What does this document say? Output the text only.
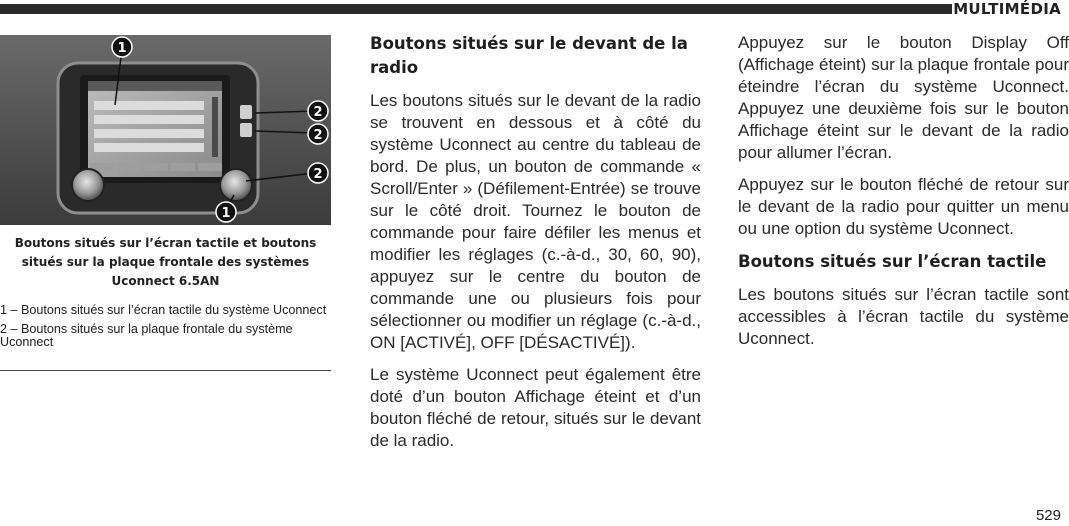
MULTIMÉDIA
1
2
2
2
1
Boutons situés sur l’écran tactile et boutons situés sur la plaque frontale des systèmes Uconnect 6.5AN

1 – Boutons situés sur l’écran tactile du système Uconnect

2 – Boutons situés sur la plaque frontale du système Uconnect

Boutons situés sur le devant de la radio

Les boutons situés sur le devant de la radio se trouvent en dessous et à côté du système Uconnect au centre du tableau de bord. De plus, un bouton de commande « Scroll/Enter » (Défilement-Entrée) se trouve sur le côté droit. Tournez le bouton de commande pour faire défiler les menus et modifier les réglages (c.-à-d., 30, 60, 90), appuyez sur le centre du bouton de commande une ou plusieurs fois pour sélectionner ou modifier un réglage (c.-à-d., ON [ACTIVÉ], OFF [DÉSACTIVÉ]).

Le système Uconnect peut également être doté d’un bouton Affichage éteint et d’un bouton fléché de retour, situés sur le devant de la radio.

Appuyez sur le bouton Display Off (Affichage éteint) sur la plaque frontale pour éteindre l’écran du système Uconnect. Appuyez une deuxième fois sur le bouton Affichage éteint sur le devant de la radio pour allumer l’écran.

Appuyez sur le bouton fléché de retour sur le devant de la radio pour quitter un menu ou une option du système Uconnect.

Boutons situés sur l’écran tactile

Les boutons situés sur l’écran tactile sont accessibles à l’écran tactile du système Uconnect.

529
